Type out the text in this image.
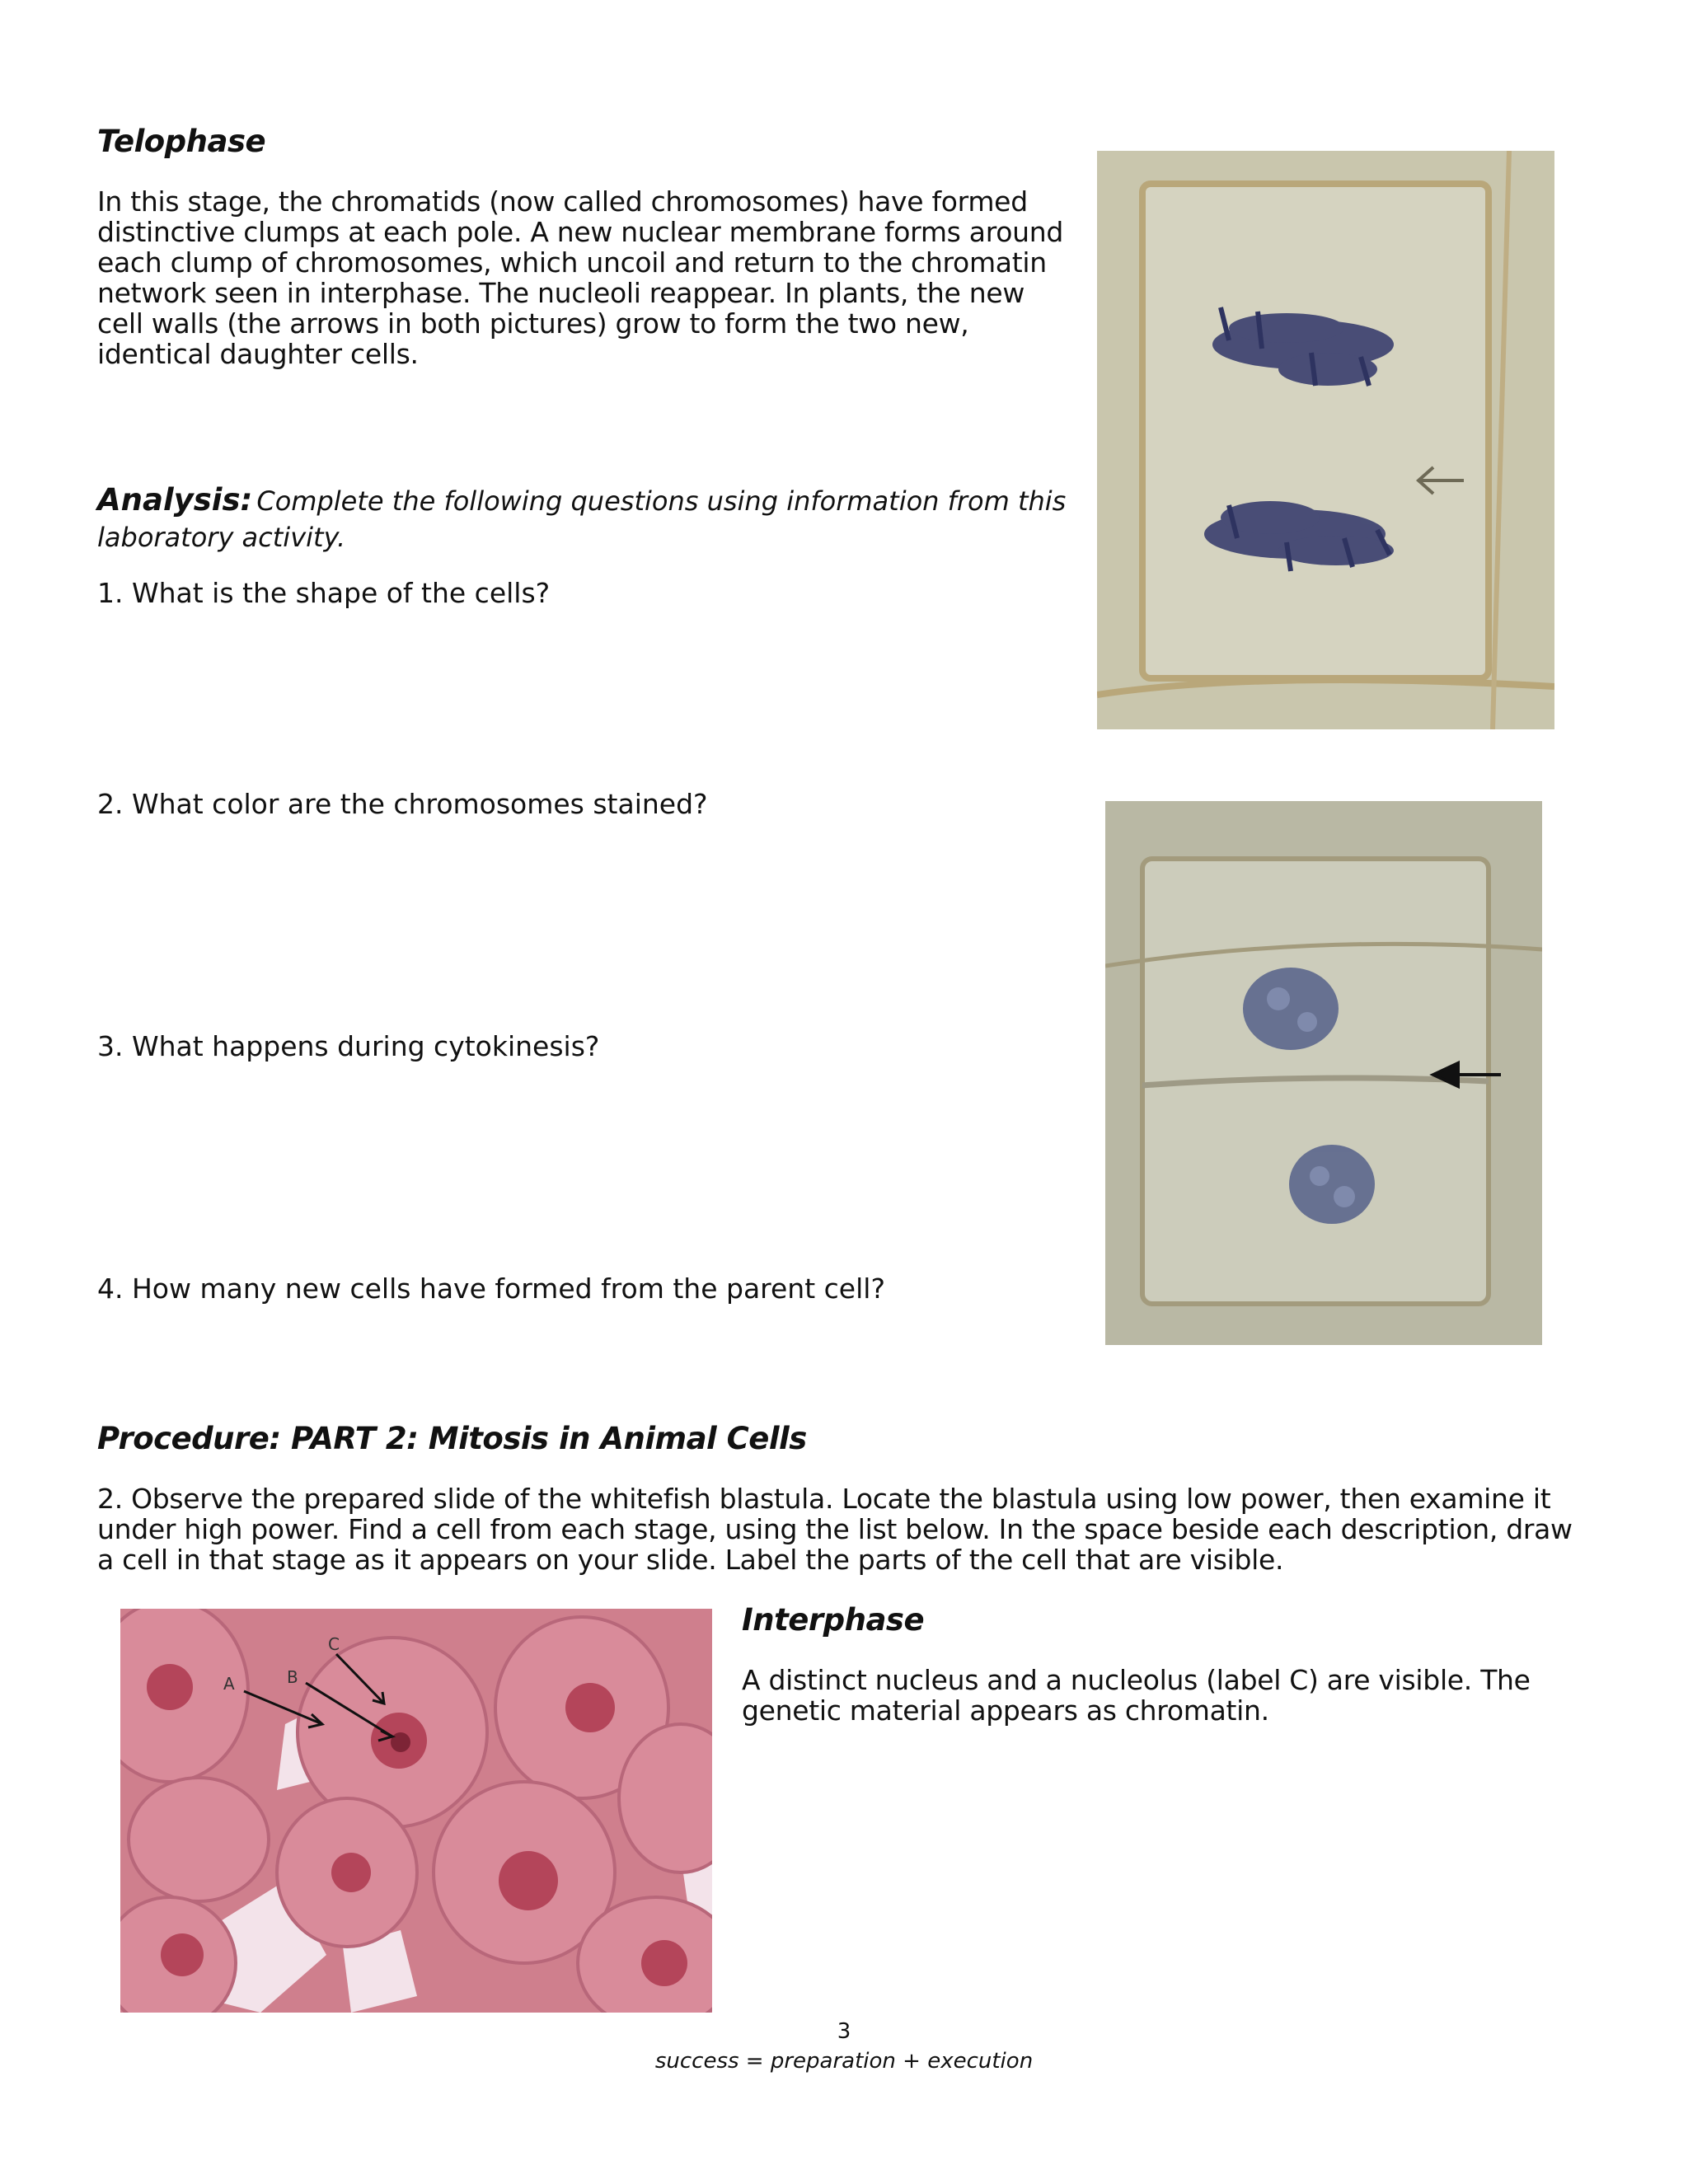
Telophase
In this stage, the chromatids (now called chromosomes) have formed distinctive clumps at each pole. A new nuclear membrane forms around each clump of chromosomes, which uncoil and return to the chromatin network seen in interphase. The nucleoli reappear. In plants, the new cell walls (the arrows in both pictures) grow to form the two new, identical daughter cells.
Analysis: Complete the following questions using information from this laboratory activity.
1. What is the shape of the cells?
2. What color are the chromosomes stained?
3. What happens during cytokinesis?
4. How many new cells have formed from the parent cell?
Procedure: PART 2: Mitosis in Animal Cells
2. Observe the prepared slide of the whitefish blastula. Locate the blastula using low power, then examine it under high power. Find a cell from each stage, using the list below. In the space beside each description, draw a cell in that stage as it appears on your slide. Label the parts of the cell that are visible.
A	B
C
Interphase
A distinct nucleus and a nucleolus (label C) are visible. The genetic material appears as chromatin.
3
success = preparation + execution
